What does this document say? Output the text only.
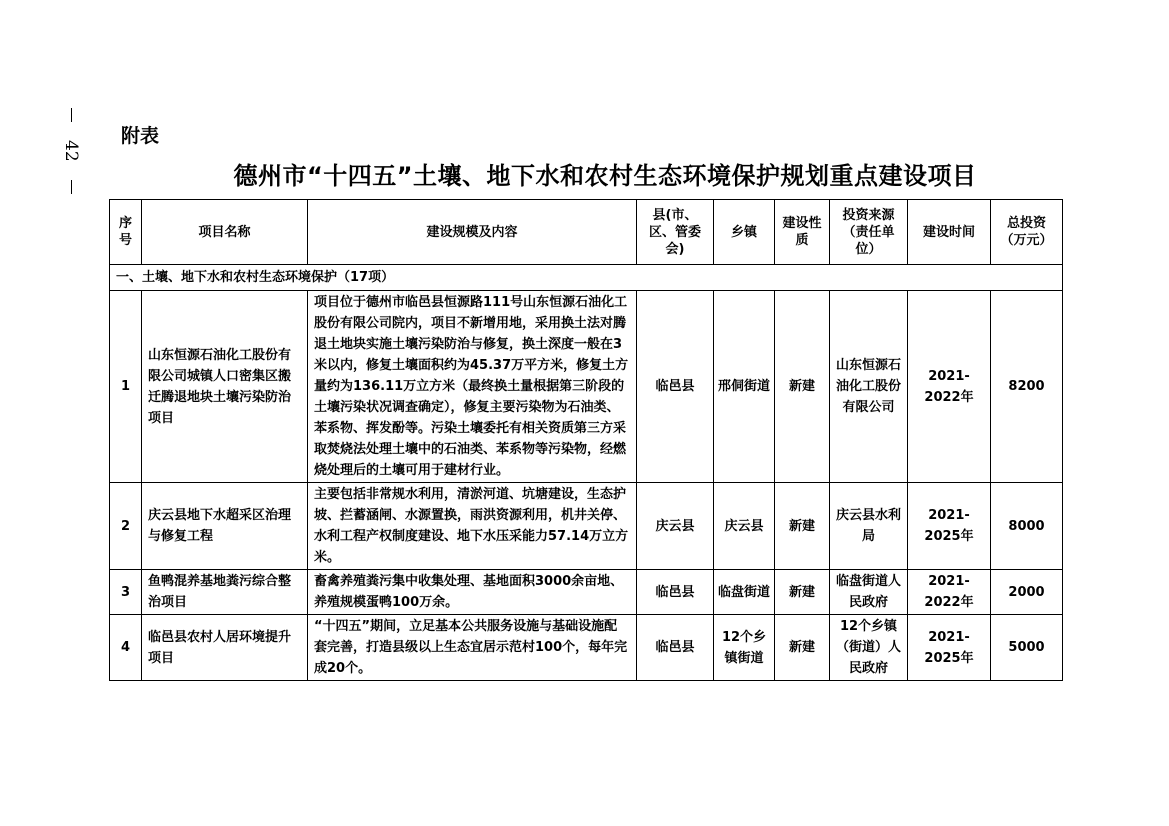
42
附表
德州市“十四五”土壤、地下水和农村生态环境保护规划重点建设项目
序号	项目名称	建设规模及内容	县(市、区、管委会)	乡镇	建设性质	投资来源（责任单位）	建设时间	总投资（万元）
一、土壤、地下水和农村生态环境保护（17项）								
1	山东恒源石油化工股份有限公司城镇人口密集区搬迁腾退地块土壤污染防治项目	项目位于德州市临邑县恒源路111号山东恒源石油化工股份有限公司院内，项目不新增用地，采用换土法对腾退土地块实施土壤污染防治与修复，换土深度一般在3米以内，修复土壤面积约为45.37万平方米，修复土方量约为136.11万立方米（最终换土量根据第三阶段的土壤污染状况调查确定），修复主要污染物为石油类、苯系物、挥发酚等。污染土壤委托有相关资质第三方采取焚烧法处理土壤中的石油类、苯系物等污染物，经燃烧处理后的土壤可用于建材行业。	临邑县	邢侗街道	新建	山东恒源石油化工股份有限公司	2021-2022年	8200
2	庆云县地下水超采区治理与修复工程	主要包括非常规水利用，清淤河道、坑塘建设，生态护坡、拦蓄涵闸、水源置换，雨洪资源利用，机井关停、水利工程产权制度建设、地下水压采能力57.14万立方米。	庆云县	庆云县	新建	庆云县水利局	2021-2025年	8000
3	鱼鸭混养基地粪污综合整治项目	畜禽养殖粪污集中收集处理、基地面积3000余亩地、养殖规模蛋鸭100万余。	临邑县	临盘街道	新建	临盘街道人民政府	2021-2022年	2000
4	临邑县农村人居环境提升项目	“十四五”期间，立足基本公共服务设施与基础设施配套完善，打造县级以上生态宜居示范村100个，每年完成20个。	临邑县	12个乡镇街道	新建	12个乡镇（街道）人民政府	2021-2025年	5000
